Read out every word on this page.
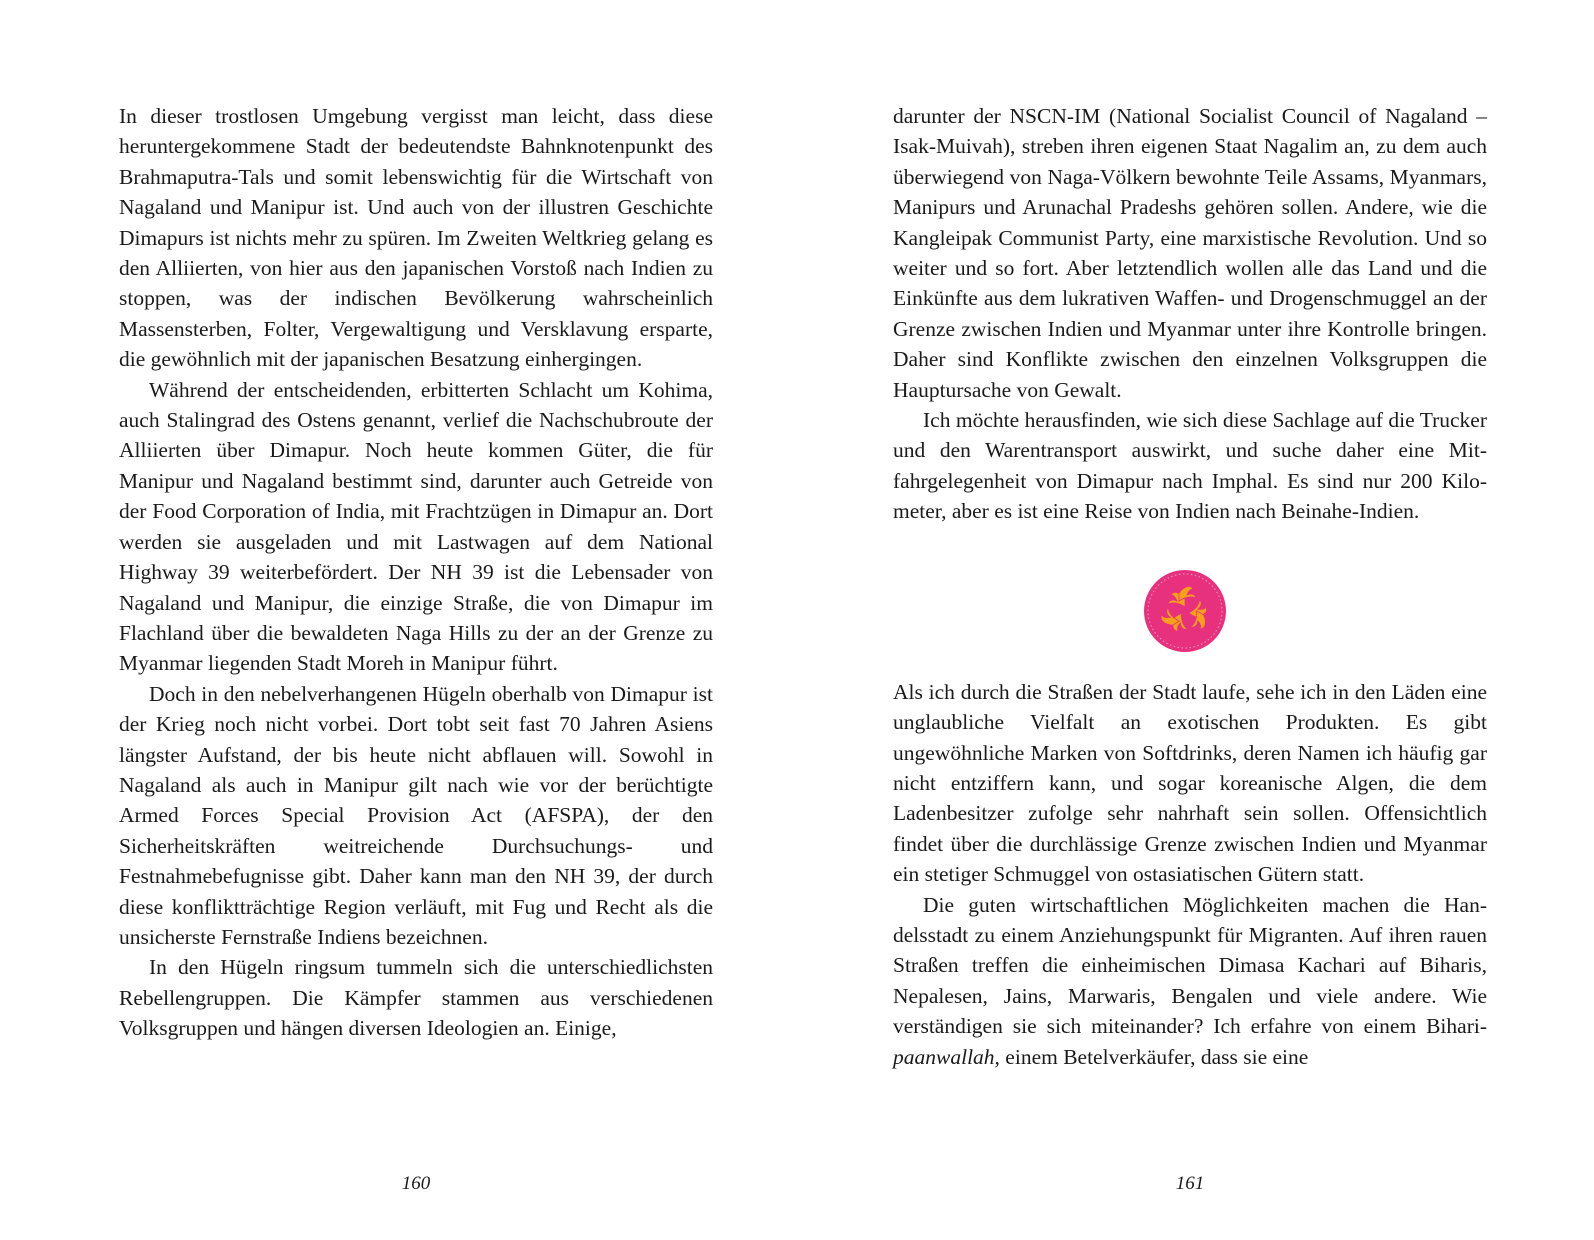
In dieser trostlosen Umgebung vergisst man leicht, dass diese heruntergekommene Stadt der bedeutendste Bahnknotenpunkt des Brahmaputra-Tals und somit lebenswichtig für die Wirtschaft von Nagaland und Manipur ist. Und auch von der illustren Geschichte Dimapurs ist nichts mehr zu spüren. Im Zweiten Weltkrieg gelang es den Alliierten, von hier aus den japanischen Vorstoß nach Indien zu stoppen, was der indischen Bevölkerung wahrscheinlich Massensterben, Folter, Vergewaltigung und Versklavung ersparte, die gewöhnlich mit der japanischen Besatzung einhergingen.

Während der entscheidenden, erbitterten Schlacht um Kohima, auch Stalingrad des Ostens genannt, verlief die Nachschubroute der Alliierten über Dimapur. Noch heute kommen Güter, die für Manipur und Nagaland bestimmt sind, darunter auch Getreide von der Food Corporation of India, mit Frachtzügen in Dimapur an. Dort werden sie ausgeladen und mit Lastwagen auf dem National Highway 39 weiterbefördert. Der NH 39 ist die Lebensader von Nagaland und Manipur, die einzige Straße, die von Dimapur im Flachland über die bewaldeten Naga Hills zu der an der Grenze zu Myanmar liegenden Stadt Moreh in Manipur führt.

Doch in den nebelverhangenen Hügeln oberhalb von Dimapur ist der Krieg noch nicht vorbei. Dort tobt seit fast 70 Jahren Asiens längster Aufstand, der bis heute nicht abflauen will. Sowohl in Nagaland als auch in Manipur gilt nach wie vor der berüchtigte Armed Forces Special Provision Act (AFSPA), der den Sicherheitskräften weitreichende Durchsuchungs- und Festnahmebefugnisse gibt. Daher kann man den NH 39, der durch diese konfliktträchtige Region verläuft, mit Fug und Recht als die unsicherste Fernstraße Indiens bezeichnen.

In den Hügeln ringsum tummeln sich die unterschiedlichsten Rebellengruppen. Die Kämpfer stammen aus verschiedenen Volksgruppen und hängen diversen Ideologien an. Einige,

darunter der NSCN-IM (National Socialist Council of Nagaland – Isak-Muivah), streben ihren eigenen Staat Nagalim an, zu dem auch überwiegend von Naga-Völkern bewohnte Teile Assams, Myanmars, Manipurs und Arunachal Pradeshs gehören sollen. Andere, wie die Kangleipak Communist Party, eine marxistische Revolution. Und so weiter und so fort. Aber letztendlich wollen alle das Land und die Einkünfte aus dem lukrativen Waffen- und Drogenschmuggel an der Grenze zwischen Indien und Myanmar unter ihre Kontrolle bringen. Daher sind Konflikte zwischen den einzelnen Volksgruppen die Hauptursache von Gewalt.

Ich möchte herausfinden, wie sich diese Sachlage auf die Trucker und den Warentransport auswirkt, und suche daher eine Mitfahrgelegenheit von Dimapur nach Imphal. Es sind nur 200 Kilometer, aber es ist eine Reise von Indien nach Beinahe-Indien.

Als ich durch die Straßen der Stadt laufe, sehe ich in den Läden eine unglaubliche Vielfalt an exotischen Produkten. Es gibt ungewöhnliche Marken von Softdrinks, deren Namen ich häufig gar nicht entziffern kann, und sogar koreanische Algen, die dem Ladenbesitzer zufolge sehr nahrhaft sein sollen. Offensichtlich findet über die durchlässige Grenze zwischen Indien und Myanmar ein stetiger Schmuggel von ostasiatischen Gütern statt.

Die guten wirtschaftlichen Möglichkeiten machen die Handelsstadt zu einem Anziehungspunkt für Migranten. Auf ihren rauen Straßen treffen die einheimischen Dimasa Kachari auf Biharis, Nepalesen, Jains, Marwaris, Bengalen und viele andere. Wie verständigen sie sich miteinander? Ich erfahre von einem Bihari-paanwallah, einem Betelverkäufer, dass sie eine

160	161
